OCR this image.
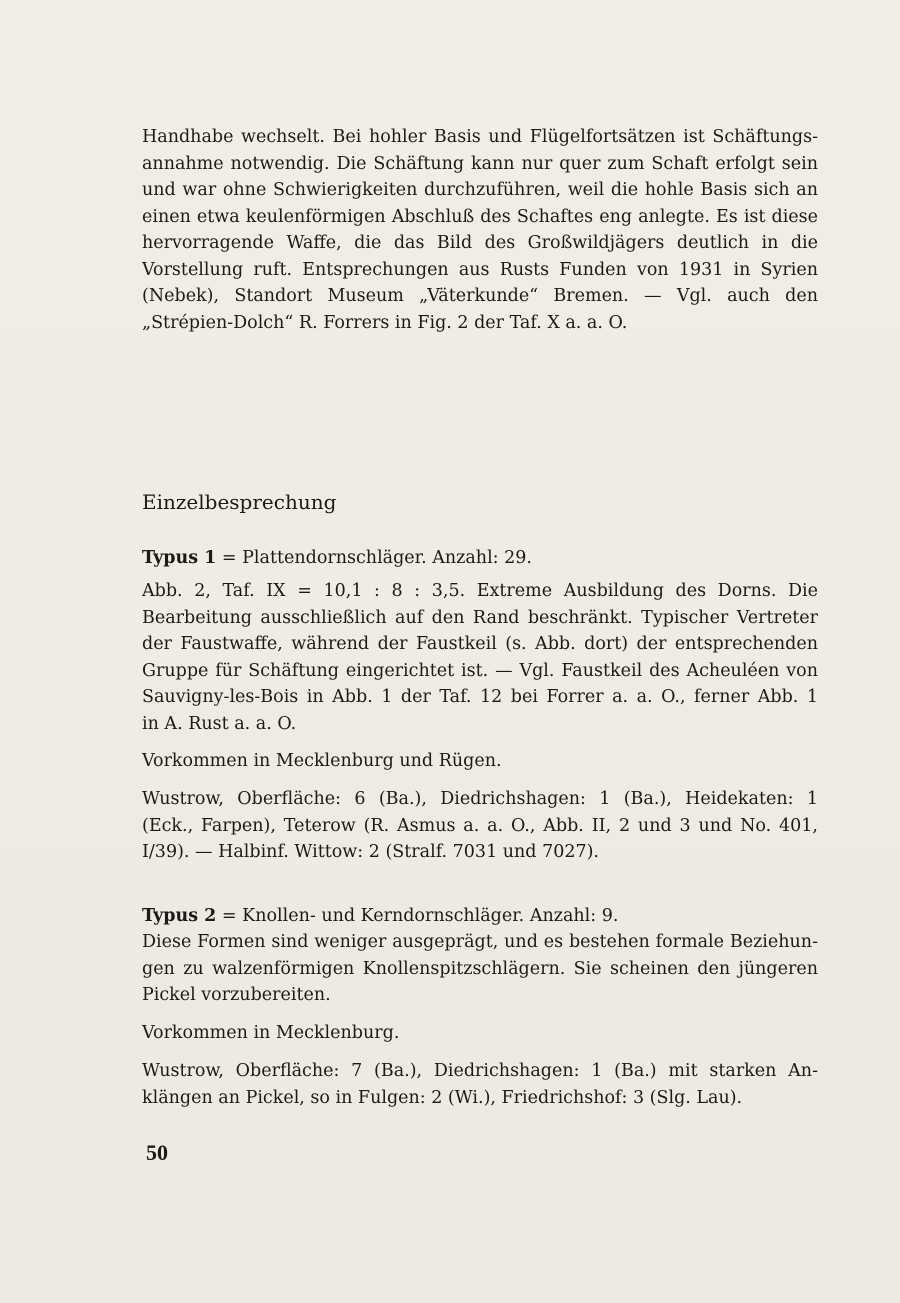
Handhabe wechselt. Bei hohler Basis und Flügelfortsätzen ist Schäftungs-
annahme notwendig. Die Schäftung kann nur quer zum Schaft erfolgt sein
und war ohne Schwierigkeiten durchzuführen, weil die hohle Basis sich an
einen etwa keulenförmigen Abschluß des Schaftes eng anlegte. Es ist diese
hervorragende Waffe, die das Bild des Großwildjägers deutlich in die
Vorstellung ruft. Entsprechungen aus Rusts Funden von 1931 in Syrien
(Nebek), Standort Museum „Väterkunde“ Bremen. — Vgl. auch den
„Strépien-Dolch“ R. Forrers in Fig. 2 der Taf. X a. a. O.

Einzelbesprechung

Typus 1 = Plattendornschläger. Anzahl: 29.

Abb. 2, Taf. IX = 10,1 : 8 : 3,5. Extreme Ausbildung des Dorns. Die
Bearbeitung ausschließlich auf den Rand beschränkt. Typischer Vertreter
der Faustwaffe, während der Faustkeil (s. Abb. dort) der entsprechenden
Gruppe für Schäftung eingerichtet ist. — Vgl. Faustkeil des Acheuléen von
Sauvigny-les-Bois in Abb. 1 der Taf. 12 bei Forrer a. a. O., ferner Abb. 1
in A. Rust a. a. O.

Vorkommen in Mecklenburg und Rügen.

Wustrow, Oberfläche: 6 (Ba.), Diedrichshagen: 1 (Ba.), Heidekaten: 1
(Eck., Farpen), Teterow (R. Asmus a. a. O., Abb. II, 2 und 3 und No. 401,
I/39). — Halbinf. Wittow: 2 (Stralf. 7031 und 7027).

Typus 2 = Knollen- und Kerndornschläger. Anzahl: 9.

Diese Formen sind weniger ausgeprägt, und es bestehen formale Beziehun-
gen zu walzenförmigen Knollenspitzschlägern. Sie scheinen den jüngeren
Pickel vorzubereiten.

Vorkommen in Mecklenburg.

Wustrow, Oberfläche: 7 (Ba.), Diedrichshagen: 1 (Ba.) mit starken An-
klängen an Pickel, so in Fulgen: 2 (Wi.), Friedrichshof: 3 (Slg. Lau).

50
